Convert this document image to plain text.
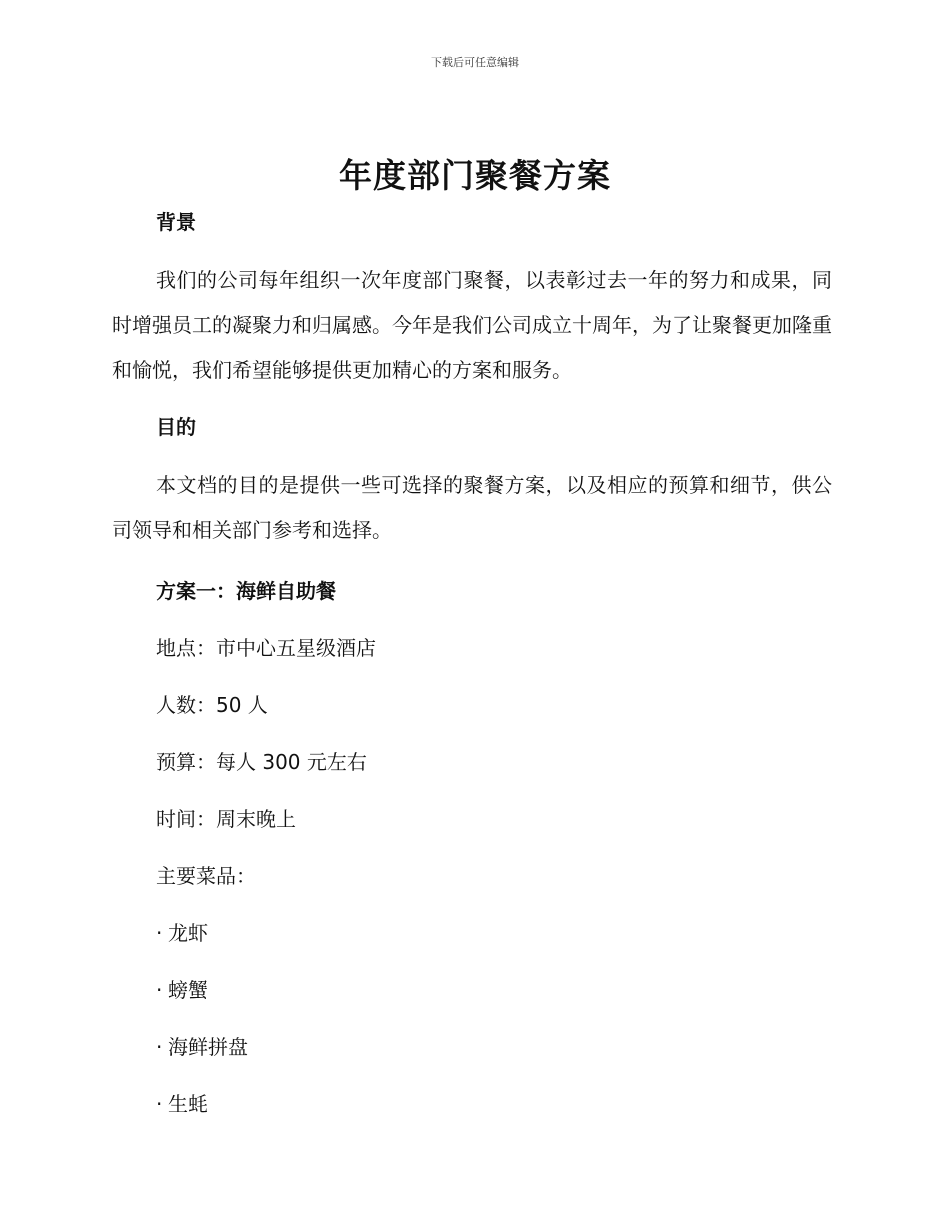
下载后可任意编辑
年度部门聚餐方案
背景

我们的公司每年组织一次年度部门聚餐，以表彰过去一年的努力和成果，同时增强员工的凝聚力和归属感。今年是我们公司成立十周年，为了让聚餐更加隆重和愉悦，我们希望能够提供更加精心的方案和服务。

目的

本文档的目的是提供一些可选择的聚餐方案，以及相应的预算和细节，供公司领导和相关部门参考和选择。

方案一：海鲜自助餐
地点：市中心五星级酒店
人数：50 人
预算：每人 300 元左右
时间：周末晚上
主要菜品：
· 龙虾
· 螃蟹
· 海鲜拼盘
· 生蚝
